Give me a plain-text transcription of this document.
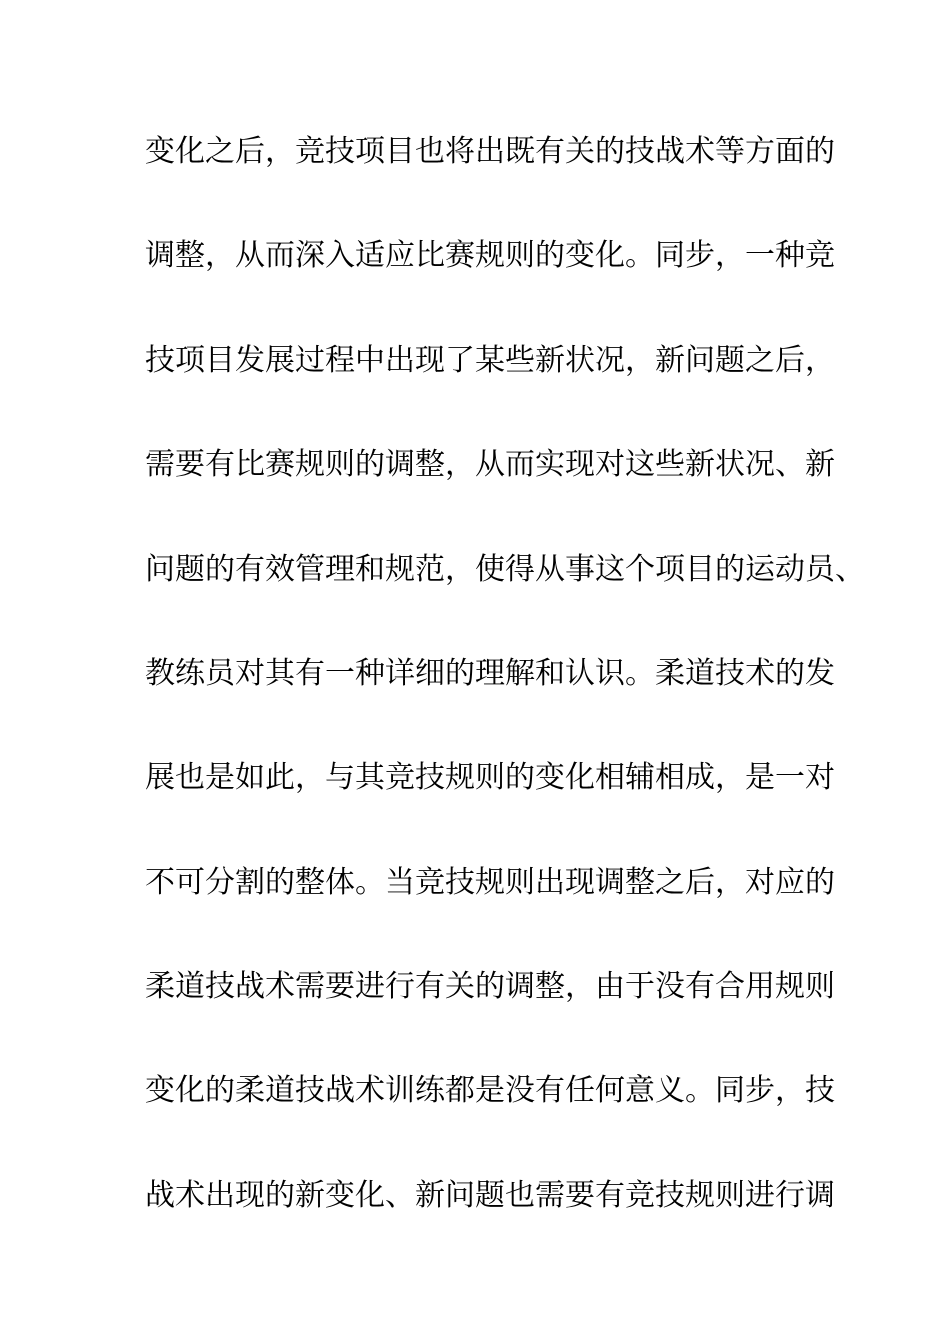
变化之后，竞技项目也将出既有关的技战术等方面的
调整，从而深入适应比赛规则的变化。同步，一种竞
技项目发展过程中出现了某些新状况，新问题之后，
需要有比赛规则的调整，从而实现对这些新状况、新
问题的有效管理和规范，使得从事这个项目的运动员、
教练员对其有一种详细的理解和认识。柔道技术的发
展也是如此，与其竞技规则的变化相辅相成，是一对
不可分割的整体。当竞技规则出现调整之后，对应的
柔道技战术需要进行有关的调整，由于没有合用规则
变化的柔道技战术训练都是没有任何意义。同步，技
战术出现的新变化、新问题也需要有竞技规则进行调
